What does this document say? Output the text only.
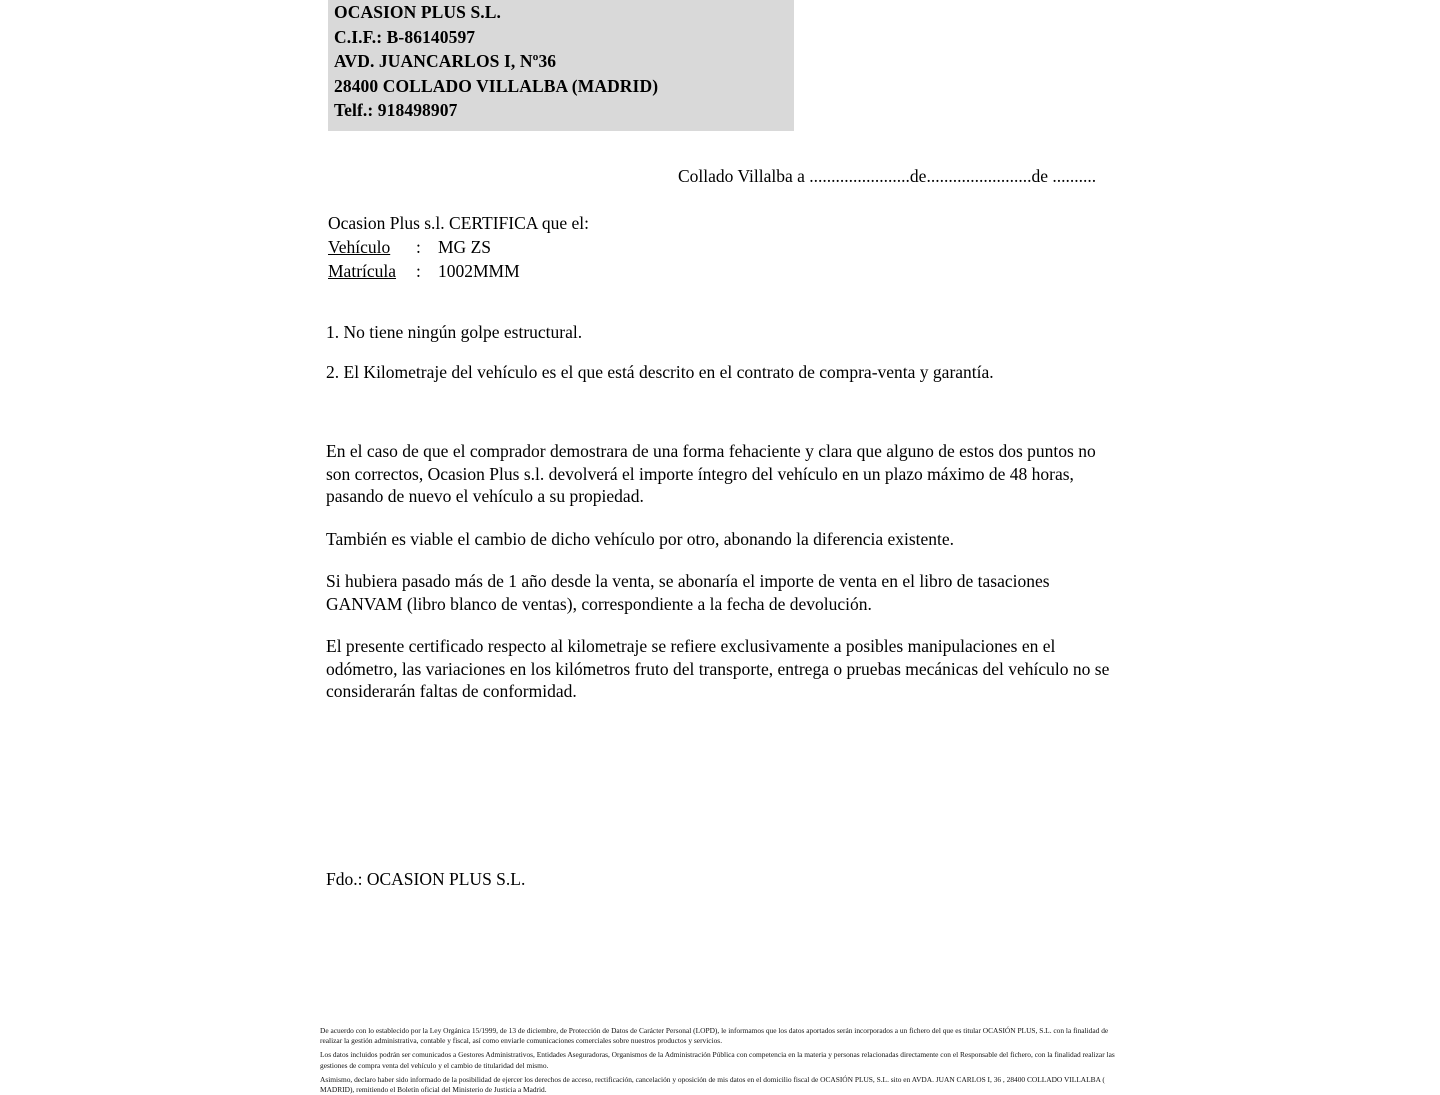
OCASION PLUS S.L.
C.I.F.: B-86140597
AVD. JUANCARLOS I, Nº36
28400 COLLADO VILLALBA (MADRID)
Telf.: 918498907
Collado Villalba a .......................de........................de ..........
Ocasion Plus s.l. CERTIFICA que el:
Vehículo	: MG ZS
Matrícula	: 1002MMM
1. No tiene ningún golpe estructural.
2. El Kilometraje del vehículo es el que está descrito en el contrato de compra-venta y garantía.

En el caso de que el comprador demostrara de una forma fehaciente y clara que alguno de estos dos puntos no son correctos, Ocasion Plus s.l. devolverá el importe íntegro del vehículo en un plazo máximo de 48 horas, pasando de nuevo el vehículo a su propiedad.

También es viable el cambio de dicho vehículo por otro, abonando la diferencia existente.

Si hubiera pasado más de 1 año desde la venta, se abonaría el importe de venta en el libro de tasaciones GANVAM (libro blanco de ventas), correspondiente a la fecha de devolución.

El presente certificado respecto al kilometraje se refiere exclusivamente a posibles manipulaciones en el odómetro, las variaciones en los kilómetros fruto del transporte, entrega o pruebas mecánicas del vehículo no se considerarán faltas de conformidad.

Fdo.: OCASION PLUS S.L.

De acuerdo con lo establecido por la Ley Orgánica 15/1999, de 13 de diciembre, de Protección de Datos de Carácter Personal (LOPD), le informamos que los datos aportados serán incorporados a un fichero del que es titular OCASIÓN PLUS, S.L. con la finalidad de realizar la gestión administrativa, contable y fiscal, así como enviarle comunicaciones comerciales sobre nuestros productos y servicios.

Los datos incluidos podrán ser comunicados a Gestores Administrativos, Entidades Aseguradoras, Organismos de la Administración Pública con competencia en la materia y personas relacionadas directamente con el Responsable del fichero, con la finalidad realizar las gestiones de compra venta del vehículo y el cambio de titularidad del mismo.

Asimismo, declaro haber sido informado de la posibilidad de ejercer los derechos de acceso, rectificación, cancelación y oposición de mis datos en el domicilio fiscal de OCASIÓN PLUS, S.L. sito en AVDA. JUAN CARLOS I, 36 , 28400 COLLADO VILLALBA ( MADRID), remitiendo el Boletín oficial del Ministerio de Justicia a Madrid.
